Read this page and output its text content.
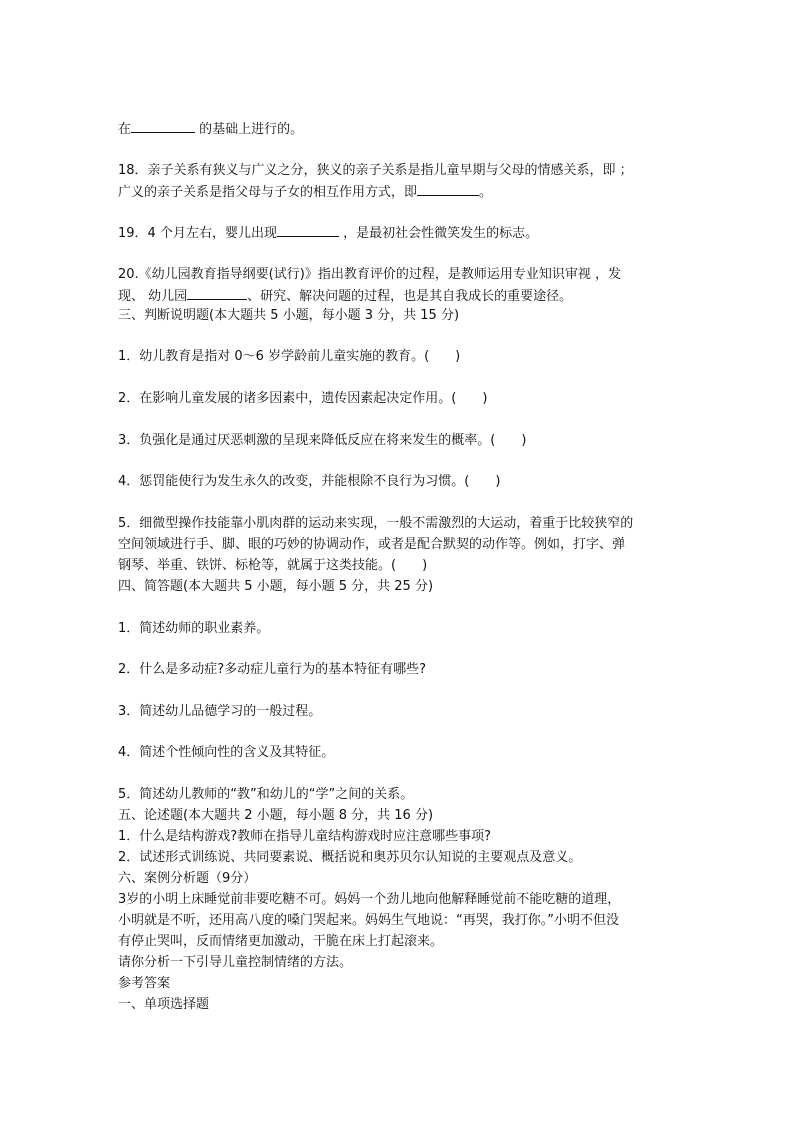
在	的基础上进行的。
18．亲子关系有狭义与广义之分，狭义的亲子关系是指儿童早期与父母的情感关系，即 ；
广义的亲子关系是指父母与子女的相互作用方式，即	。
19．4 个月左右，婴儿出现	，是最初社会性微笑发生的标志。
20.《幼儿园教育指导纲要(试行)》指出教育评价的过程，是教师运用专业知识审视 ，发
现、 幼儿园	、研究、解决问题的过程，也是其自我成长的重要途径。
三、判断说明题(本大题共 5 小题，每小题 3 分，共 15 分)
1．幼儿教育是指对 0～6 岁学龄前儿童实施的教育。(　　)
2．在影响儿童发展的诸多因素中，遗传因素起决定作用。(　　)
3．负强化是通过厌恶刺激的呈现来降低反应在将来发生的概率。(　　)
4．惩罚能使行为发生永久的改变，并能根除不良行为习惯。(　　)
5．细微型操作技能靠小肌肉群的运动来实现，一般不需激烈的大运动，着重于比较狭窄的
空间领域进行手、脚、眼的巧妙的协调动作，或者是配合默契的动作等。例如，打字、弹
钢琴、举重、铁饼、标枪等，就属于这类技能。(　　)
四、简答题(本大题共 5 小题，每小题 5 分，共 25 分)
1．简述幼师的职业素养。
2．什么是多动症?多动症儿童行为的基本特征有哪些?
3．简述幼儿品德学习的一般过程。
4．简述个性倾向性的含义及其特征。
5．简述幼儿教师的“教”和幼儿的“学”之间的关系。
五、论述题(本大题共 2 小题，每小题 8 分，共 16 分)
1．什么是结构游戏?教师在指导儿童结构游戏时应注意哪些事项?
2．试述形式训练说、共同要素说、概括说和奥苏贝尔认知说的主要观点及意义。
六、案例分析题（9分）
3岁的小明上床睡觉前非要吃糖不可。妈妈一个劲儿地向他解释睡觉前不能吃糖的道理，
小明就是不听，还用高八度的嗓门哭起来。妈妈生气地说：“再哭，我打你。”小明不但没
有停止哭叫，反而情绪更加激动，干脆在床上打起滚来。
请你分析一下引导儿童控制情绪的方法。
参考答案
一、单项选择题
